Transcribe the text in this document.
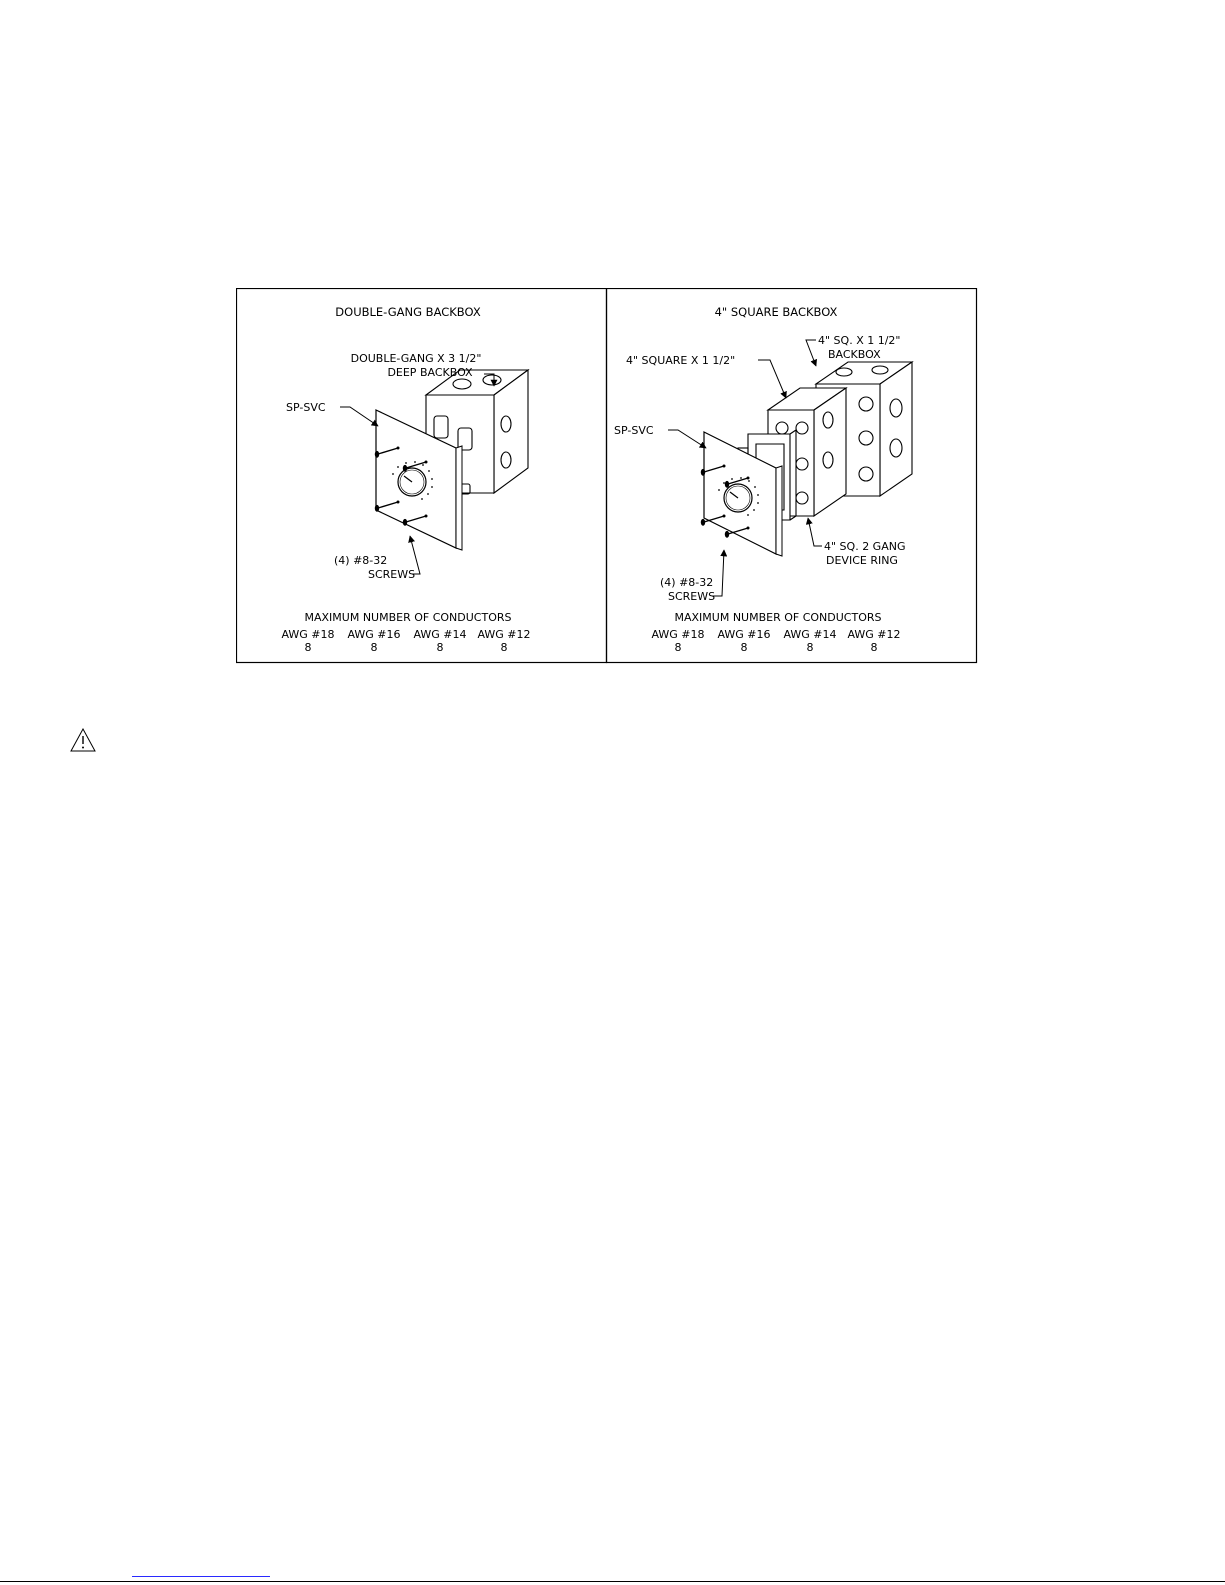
DOUBLE-GANG BACKBOX
DOUBLE-GANG X 3 1/2"
DEEP BACKBOX
SP-SVC
(4) #8-32
SCREWS
MAXIMUM NUMBER OF CONDUCTORS
AWG #18 AWG #16 AWG #14 AWG #12
8	8	8	8
4" SQUARE BACKBOX
4" SQ. X 1 1/2"
BACKBOX
4" SQUARE X 1 1/2"
SP-SVC
4" SQ. 2 GANG
DEVICE RING
(4) #8-32
SCREWS
MAXIMUM NUMBER OF CONDUCTORS
AWG #18 AWG #16 AWG #14 AWG #12
8	8	8	8
